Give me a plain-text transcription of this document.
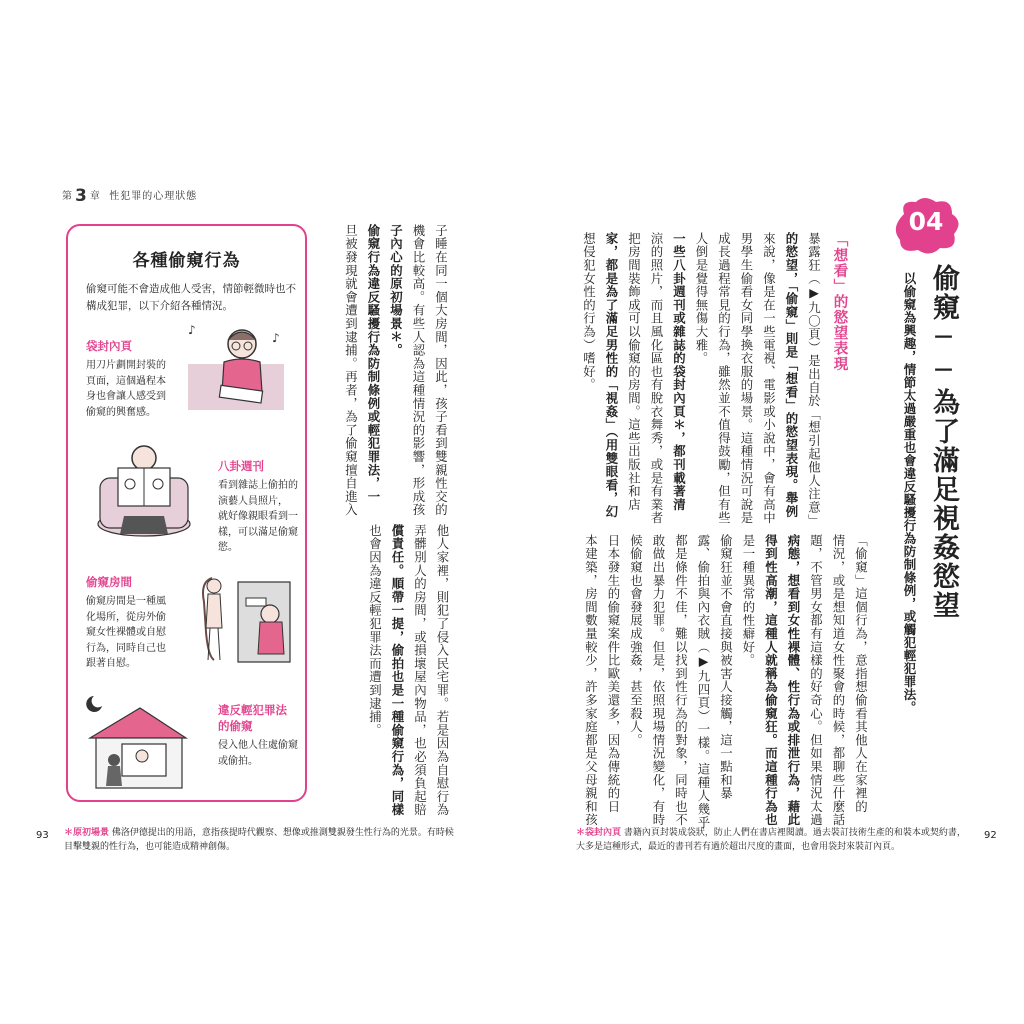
第 3 章 性犯罪的心理狀態
各種偷窺行為
偷窺可能不會造成他人受害，情節輕微時也不構成犯罪，以下介紹各種情況。
袋封內頁
用刀片劃開封裝的
頁面，這個過程本
身也會讓人感受到
偷窺的興奮感。
♪
♪
八卦週刊
看到雜誌上偷拍的
演藝人員照片，
就好像親眼看到一
樣，可以滿足偷窺
慾。
偷窺房間
偷窺房間是一種風
化場所，從房外偷
窺女性裸體或自慰
行為，同時自己也
跟著自慰。
違反輕犯罪法
的偷窺
侵入他人住處偷窺
或偷拍。
子睡在同一個大房間，因此，孩子看到雙親性交的
機會比較高。有些人認為這種情況的影響，形成孩
子內心的原初場景＊。
偷窺行為違反騷擾行為防制條例或輕犯罪法，一
旦被發現就會遭到逮捕。再者，為了偷窺擅自進入
他人家裡，則犯了侵入民宅罪。若是因為自慰行為
弄髒別人的房間，或損壞屋內物品，也必須負起賠
償責任。順帶一提，偷拍也是一種偷窺行為，同樣
也會因為違反輕犯罪法而遭到逮捕。
＊原初場景 佛洛伊德提出的用語，意指孩提時代觀察、想像或推測雙親發生性行為的光景。有時候
目擊雙親的性行為，也可能造成精神創傷。
93
04
偷窺──為了滿足視姦慾望
以偷窺為興趣，情節太過嚴重也會違反騷擾行為防制條例，或觸犯輕犯罪法。
「想看」的慾望表現
暴露狂（▶九〇頁）是出自於「想引起他人注意」
的慾望，「偷窺」則是「想看」的慾望表現。舉例
來說，像是在一些電視、電影或小說中，會有高中
男學生偷看女同學換衣服的場景。這種情況可說是
成長過程常見的行為，雖然並不值得鼓勵，但有些
人倒是覺得無傷大雅。
一些八卦週刊或雜誌的袋封內頁＊，都刊載著清
涼的照片，而且風化區也有脫衣舞秀，或是有業者
把房間裝飾成可以偷窺的房間。這些出版社和店
家，都是為了滿足男性的「視姦」（用雙眼看，幻
想侵犯女性的行為）嗜好。
「偷窺」這個行為，意指想偷看其他人在家裡的
情況，或是想知道女性聚會的時候，都聊些什麼話
題，不管男女都有這樣的好奇心。但如果情況太過
病態，想看到女性裸體、性行為或排泄行為，藉此
得到性高潮，這種人就稱為偷窺狂。而這種行為也
是一種異常的性癖好。
偷窺狂並不會直接與被害人接觸，這一點和暴
露、偷拍與內衣賊（▶九四頁）一樣。這種人幾乎
都是條件不佳，難以找到性行為的對象，同時也不
敢做出暴力犯罪。但是，依照現場情況變化，有時
候偷窺也會發展成強姦，甚至殺人。
日本發生的偷窺案件比歐美還多，因為傳統的日
本建築，房間數量較少，許多家庭都是父母親和孩
＊袋封內頁 書籍內頁封裝成袋狀，防止人們在書店裡閱讀。過去裝訂技術生產的和裝本或契約書，
大多是這種形式，最近的書刊若有過於超出尺度的畫面，也會用袋封來裝訂內頁。
92
